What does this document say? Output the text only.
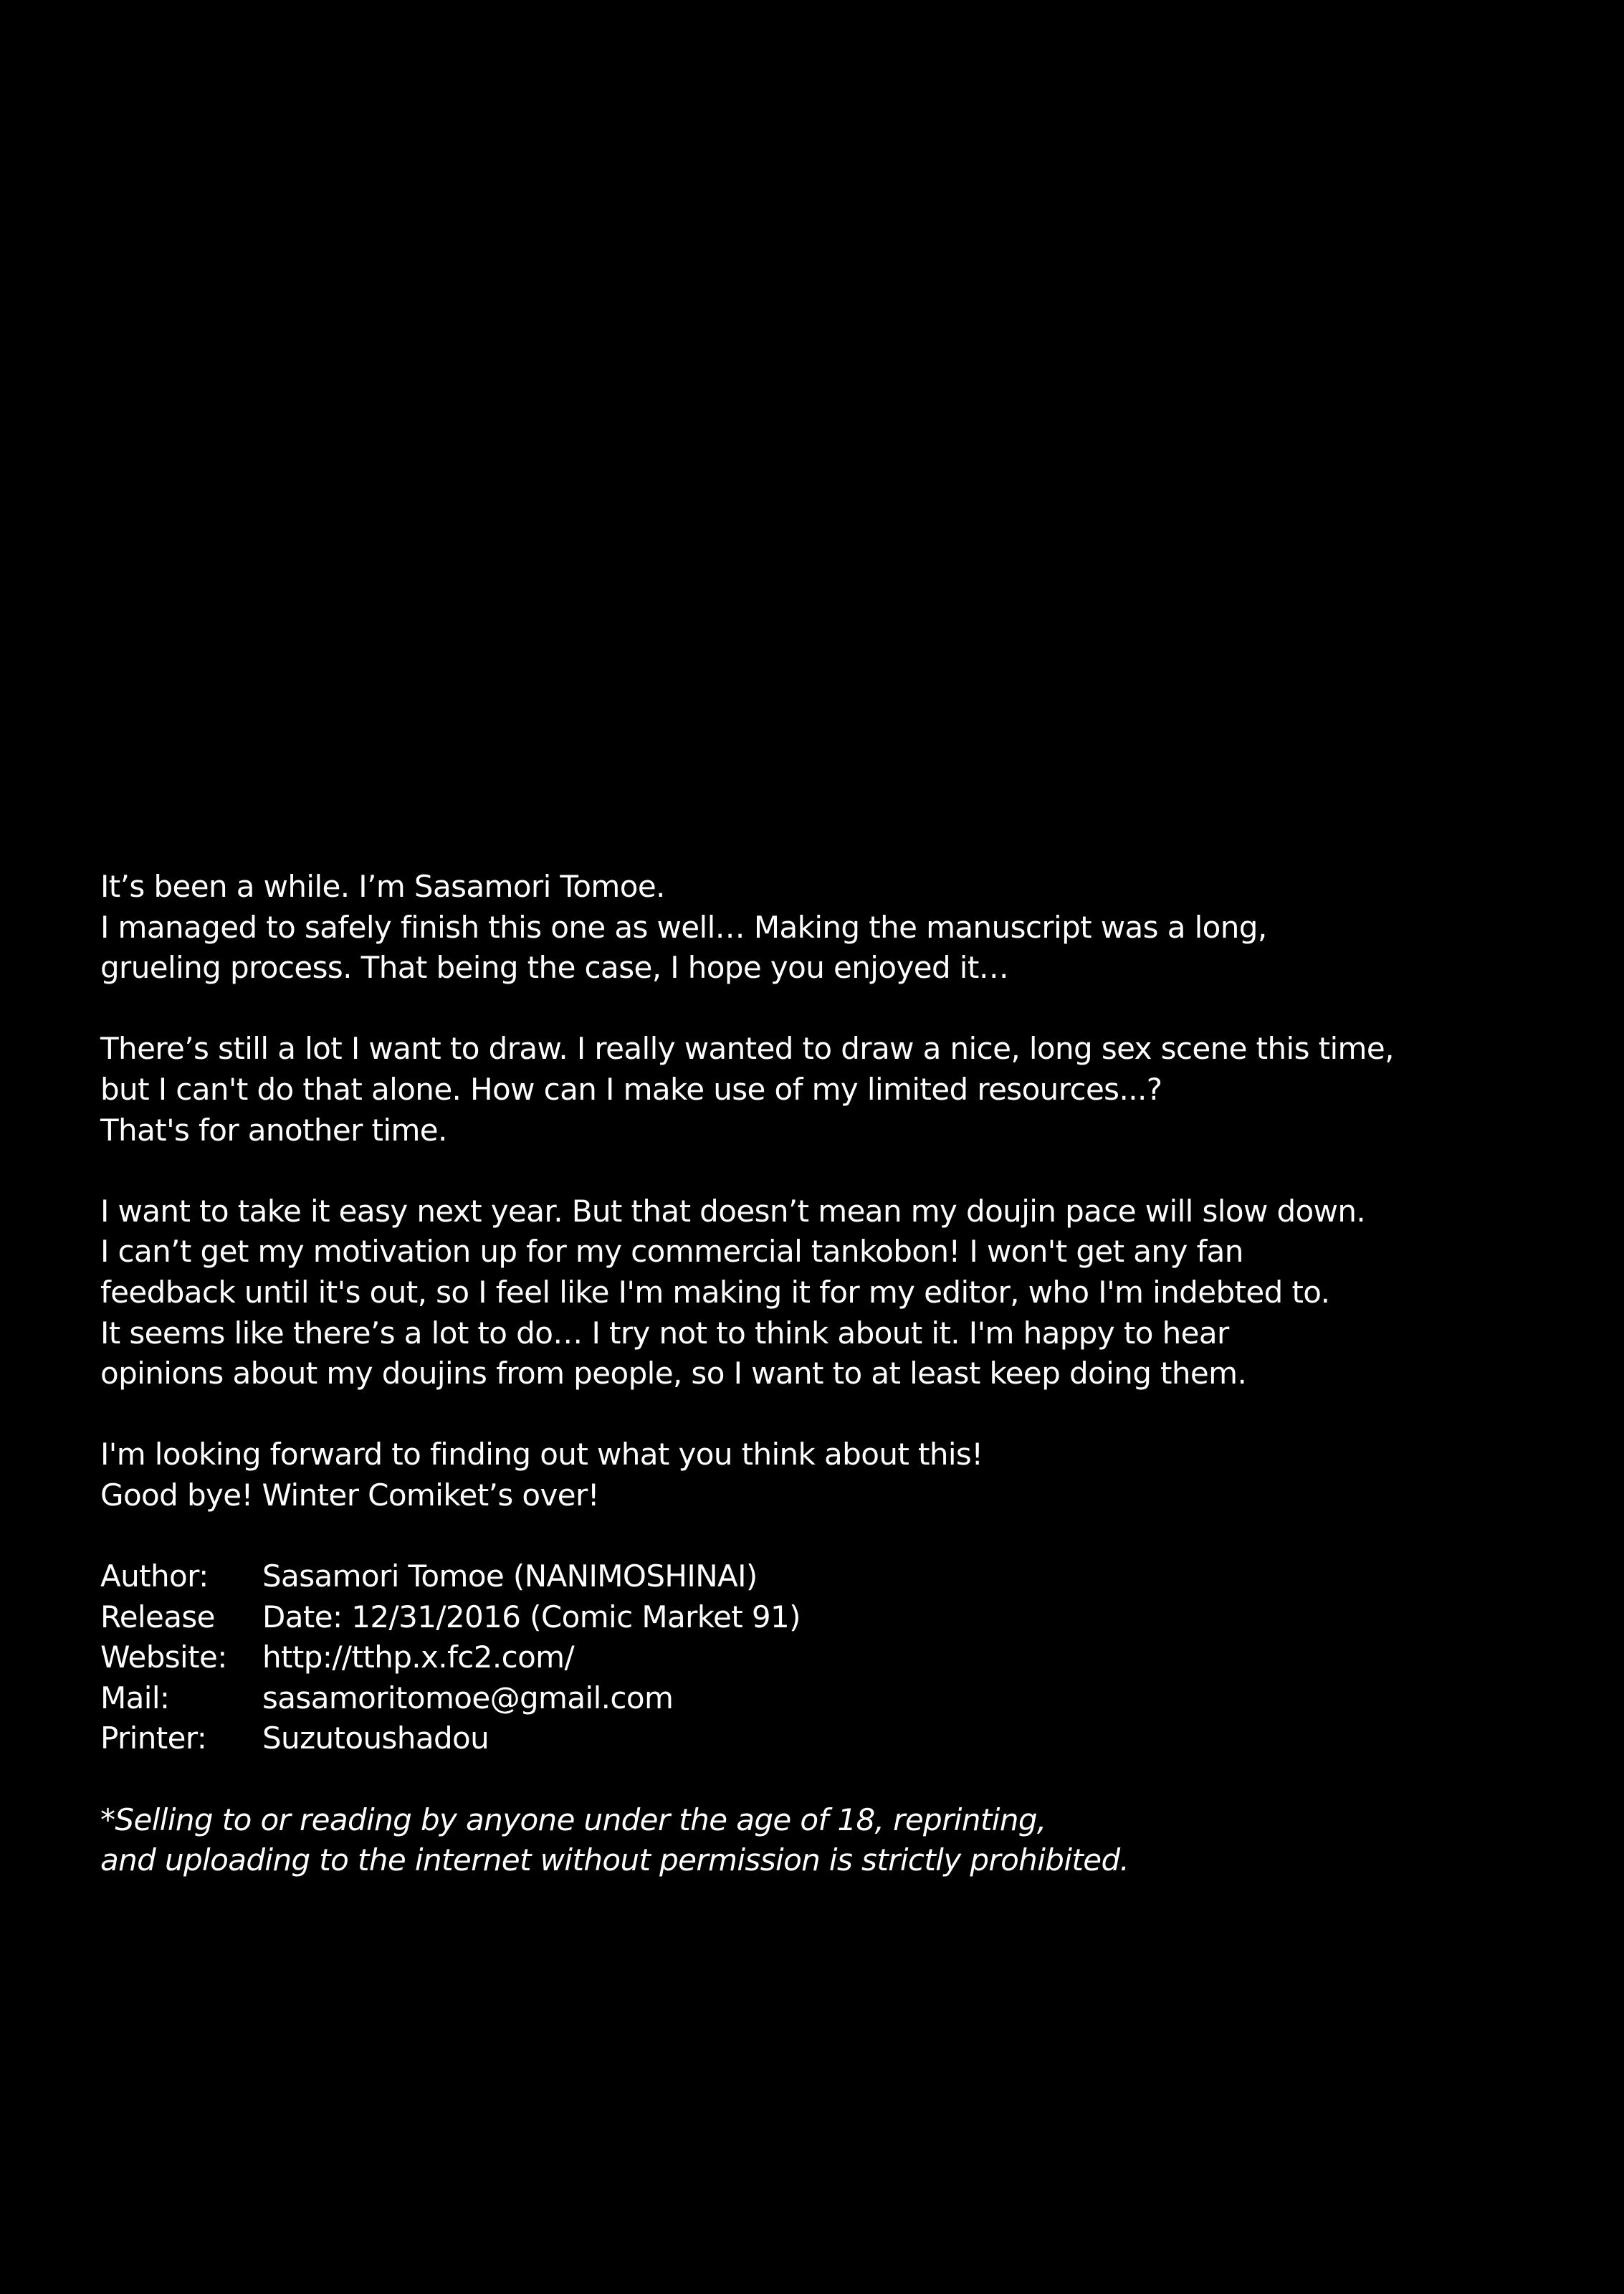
It’s been a while. I’m Sasamori Tomoe.
I managed to safely finish this one as well… Making the manuscript was a long,
grueling process. That being the case, I hope you enjoyed it…
There’s still a lot I want to draw. I really wanted to draw a nice, long sex scene this time,
but I can't do that alone. How can I make use of my limited resources...?
That's for another time.
I want to take it easy next year. But that doesn’t mean my doujin pace will slow down.
I can’t get my motivation up for my commercial tankobon! I won't get any fan
feedback until it's out, so I feel like I'm making it for my editor, who I'm indebted to.
It seems like there’s a lot to do… I try not to think about it. I'm happy to hear
opinions about my doujins from people, so I want to at least keep doing them.
I'm looking forward to finding out what you think about this!
Good bye! Winter Comiket’s over!
Author:	Sasamori Tomoe (NANIMOSHINAI)
Release	Date: 12/31/2016 (Comic Market 91)
Website:	http://tthp.x.fc2.com/
Mail:	sasamoritomoe@gmail.com
Printer:	Suzutoushadou
*Selling to or reading by anyone under the age of 18, reprinting,
and uploading to the internet without permission is strictly prohibited.
